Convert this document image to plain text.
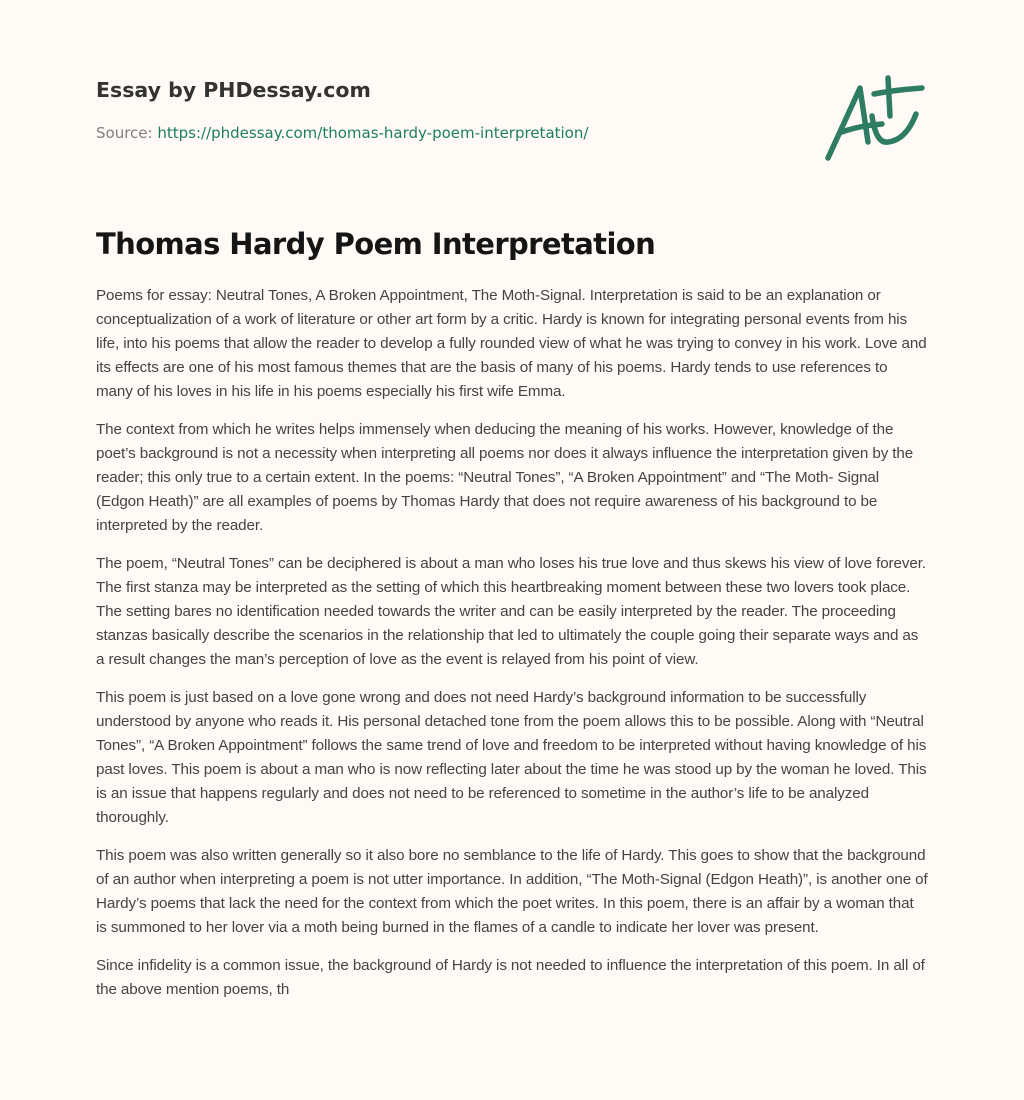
Essay by PHDessay.com
Source: https://phdessay.com/thomas-hardy-poem-interpretation/
Thomas Hardy Poem Interpretation

Poems for essay: Neutral Tones, A Broken Appointment, The Moth-Signal. Interpretation is said to be an explanation or conceptualization of a work of literature or other art form by a critic. Hardy is known for integrating personal events from his life, into his poems that allow the reader to develop a fully rounded view of what he was trying to convey in his work. Love and its effects are one of his most famous themes that are the basis of many of his poems. Hardy tends to use references to many of his loves in his life in his poems especially his first wife Emma.

The context from which he writes helps immensely when deducing the meaning of his works. However, knowledge of the poet’s background is not a necessity when interpreting all poems nor does it always influence the interpretation given by the reader; this only true to a certain extent. In the poems: “Neutral Tones”, “A Broken Appointment” and “The Moth- Signal (Edgon Heath)” are all examples of poems by Thomas Hardy that does not require awareness of his background to be interpreted by the reader.

The poem, “Neutral Tones” can be deciphered is about a man who loses his true love and thus skews his view of love forever. The first stanza may be interpreted as the setting of which this heartbreaking moment between these two lovers took place. The setting bares no identification needed towards the writer and can be easily interpreted by the reader. The proceeding stanzas basically describe the scenarios in the relationship that led to ultimately the couple going their separate ways and as a result changes the man’s perception of love as the event is relayed from his point of view.

This poem is just based on a love gone wrong and does not need Hardy’s background information to be successfully understood by anyone who reads it. His personal detached tone from the poem allows this to be possible. Along with “Neutral Tones”, “A Broken Appointment” follows the same trend of love and freedom to be interpreted without having knowledge of his past loves. This poem is about a man who is now reflecting later about the time he was stood up by the woman he loved. This is an issue that happens regularly and does not need to be referenced to sometime in the author’s life to be analyzed thoroughly.

This poem was also written generally so it also bore no semblance to the life of Hardy. This goes to show that the background of an author when interpreting a poem is not utter importance. In addition, “The Moth-Signal (Edgon Heath)”, is another one of Hardy’s poems that lack the need for the context from which the poet writes. In this poem, there is an affair by a woman that is summoned to her lover via a moth being burned in the flames of a candle to indicate her lover was present.

Since infidelity is a common issue, the background of Hardy is not needed to influence the interpretation of this poem. In all of the above mention poems, th
